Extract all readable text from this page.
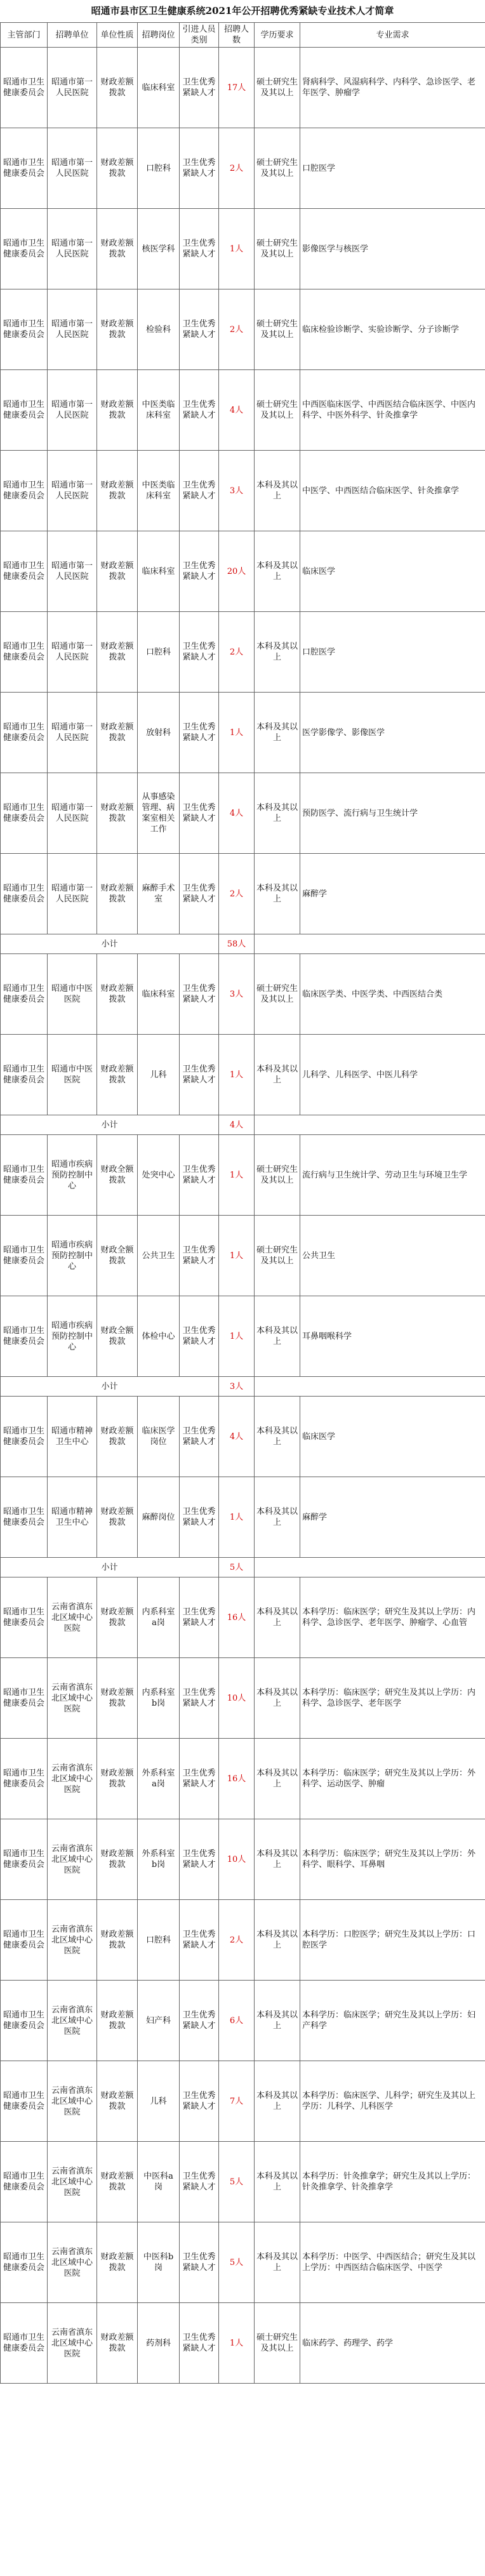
昭通市县市区卫生健康系统2021年公开招聘优秀紧缺专业技术人才简章
主管部门	招聘单位	单位性质	招聘岗位	引进人员类别	招聘人数	学历要求	专业需求

昭通市卫生健康委员会	昭通市第一人民医院	财政差额拨款	临床科室	卫生优秀紧缺人才	17人	硕士研究生及其以上	肾病科学、风湿病科学、内科学、急诊医学、老年医学、肿瘤学

昭通市卫生健康委员会	昭通市第一人民医院	财政差额拨款	口腔科	卫生优秀紧缺人才	2人	硕士研究生及其以上	口腔医学

昭通市卫生健康委员会	昭通市第一人民医院	财政差额拨款	核医学科	卫生优秀紧缺人才	1人	硕士研究生及其以上	影像医学与核医学

昭通市卫生健康委员会	昭通市第一人民医院	财政差额拨款	检验科	卫生优秀紧缺人才	2人	硕士研究生及其以上	临床检验诊断学、实验诊断学、分子诊断学

昭通市卫生健康委员会	昭通市第一人民医院	财政差额拨款	中医类临床科室	卫生优秀紧缺人才	4人	硕士研究生及其以上	中西医临床医学、中西医结合临床医学、中医内科学、中医外科学、针灸推拿学

昭通市卫生健康委员会	昭通市第一人民医院	财政差额拨款	中医类临床科室	卫生优秀紧缺人才	3人	本科及其以上	中医学、中西医结合临床医学、针灸推拿学

昭通市卫生健康委员会	昭通市第一人民医院	财政差额拨款	临床科室	卫生优秀紧缺人才	20人	本科及其以上	临床医学

昭通市卫生健康委员会	昭通市第一人民医院	财政差额拨款	口腔科	卫生优秀紧缺人才	2人	本科及其以上	口腔医学

昭通市卫生健康委员会	昭通市第一人民医院	财政差额拨款	放射科	卫生优秀紧缺人才	1人	本科及其以上	医学影像学、影像医学

昭通市卫生健康委员会	昭通市第一人民医院	财政差额拨款	从事感染管理、病案室相关工作	卫生优秀紧缺人才	4人	本科及其以上	预防医学、流行病与卫生统计学

昭通市卫生健康委员会	昭通市第一人民医院	财政差额拨款	麻醉手术室	卫生优秀紧缺人才	2人	本科及其以上	麻醉学

小计					58人		

昭通市卫生健康委员会	昭通市中医医院	财政差额拨款	临床科室	卫生优秀紧缺人才	3人	硕士研究生及其以上	临床医学类、中医学类、中西医结合类

昭通市卫生健康委员会	昭通市中医医院	财政差额拨款	儿科	卫生优秀紧缺人才	1人	本科及其以上	儿科学、儿科医学、中医儿科学

小计					4人		

昭通市卫生健康委员会	昭通市疾病预防控制中心	财政全额拨款	处突中心	卫生优秀紧缺人才	1人	硕士研究生及其以上	流行病与卫生统计学、劳动卫生与环境卫生学

昭通市卫生健康委员会	昭通市疾病预防控制中心	财政全额拨款	公共卫生	卫生优秀紧缺人才	1人	硕士研究生及其以上	公共卫生

昭通市卫生健康委员会	昭通市疾病预防控制中心	财政全额拨款	体检中心	卫生优秀紧缺人才	1人	本科及其以上	耳鼻咽喉科学

小计					3人		

昭通市卫生健康委员会	昭通市精神卫生中心	财政差额拨款	临床医学岗位	卫生优秀紧缺人才	4人	本科及其以上	临床医学

昭通市卫生健康委员会	昭通市精神卫生中心	财政差额拨款	麻醉岗位	卫生优秀紧缺人才	1人	本科及其以上	麻醉学

小计					5人		

昭通市卫生健康委员会	云南省滇东北区域中心医院	财政差额拨款	内系科室a岗	卫生优秀紧缺人才	16人	本科及其以上	本科学历：临床医学；研究生及其以上学历：内科学、急诊医学、老年医学、肿瘤学、心血管

昭通市卫生健康委员会	云南省滇东北区域中心医院	财政差额拨款	内系科室b岗	卫生优秀紧缺人才	10人	本科及其以上	本科学历：临床医学；研究生及其以上学历：内科学、急诊医学、老年医学

昭通市卫生健康委员会	云南省滇东北区域中心医院	财政差额拨款	外系科室a岗	卫生优秀紧缺人才	16人	本科及其以上	本科学历：临床医学；研究生及其以上学历：外科学、运动医学、肿瘤

昭通市卫生健康委员会	云南省滇东北区域中心医院	财政差额拨款	外系科室b岗	卫生优秀紧缺人才	10人	本科及其以上	本科学历：临床医学；研究生及其以上学历：外科学、眼科学、耳鼻咽

昭通市卫生健康委员会	云南省滇东北区域中心医院	财政差额拨款	口腔科	卫生优秀紧缺人才	2人	本科及其以上	本科学历：口腔医学；研究生及其以上学历：口腔医学

昭通市卫生健康委员会	云南省滇东北区域中心医院	财政差额拨款	妇产科	卫生优秀紧缺人才	6人	本科及其以上	本科学历：临床医学；研究生及其以上学历：妇产科学

昭通市卫生健康委员会	云南省滇东北区域中心医院	财政差额拨款	儿科	卫生优秀紧缺人才	7人	本科及其以上	本科学历：临床医学、儿科学；研究生及其以上学历：儿科学、儿科医学

昭通市卫生健康委员会	云南省滇东北区域中心医院	财政差额拨款	中医科a岗	卫生优秀紧缺人才	5人	本科及其以上	本科学历：针灸推拿学；研究生及其以上学历：针灸推拿学、针灸推拿学

昭通市卫生健康委员会	云南省滇东北区域中心医院	财政差额拨款	中医科b岗	卫生优秀紧缺人才	5人	本科及其以上	本科学历：中医学、中西医结合；研究生及其以上学历：中西医结合临床医学、中医学

昭通市卫生健康委员会	云南省滇东北区域中心医院	财政差额拨款	药剂科	卫生优秀紧缺人才	1人	硕士研究生及其以上	临床药学、药理学、药学
